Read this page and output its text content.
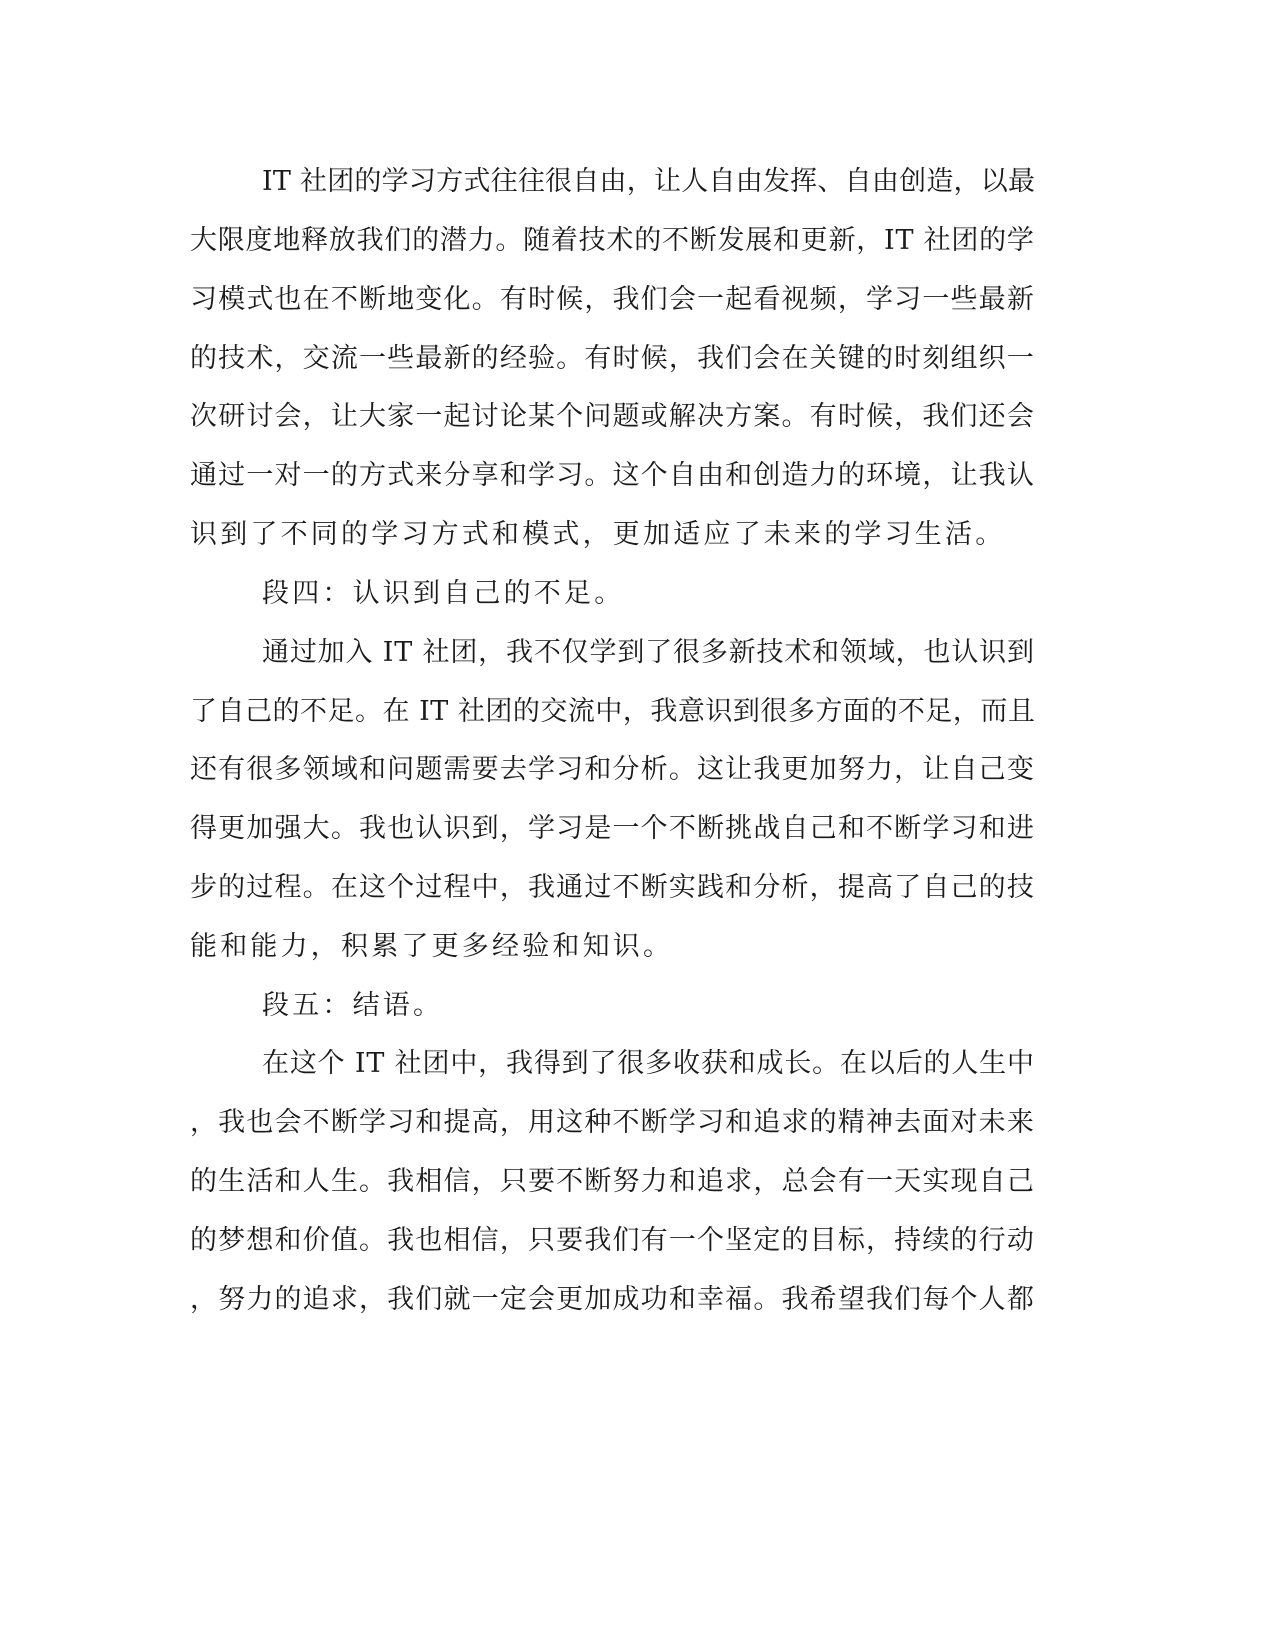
IT 社团的学习方式往往很自由，让人自由发挥、自由创造，以最

大限度地释放我们的潜力。随着技术的不断发展和更新，IT 社团的学

习模式也在不断地变化。有时候，我们会一起看视频，学习一些最新

的技术，交流一些最新的经验。有时候，我们会在关键的时刻组织一

次研讨会，让大家一起讨论某个问题或解决方案。有时候，我们还会

通过一对一的方式来分享和学习。这个自由和创造力的环境，让我认

识到了不同的学习方式和模式，更加适应了未来的学习生活。

段四：认识到自己的不足。

通过加入 IT 社团，我不仅学到了很多新技术和领域，也认识到

了自己的不足。在 IT 社团的交流中，我意识到很多方面的不足，而且

还有很多领域和问题需要去学习和分析。这让我更加努力，让自己变

得更加强大。我也认识到，学习是一个不断挑战自己和不断学习和进

步的过程。在这个过程中，我通过不断实践和分析，提高了自己的技

能和能力，积累了更多经验和知识。

段五：结语。

在这个 IT 社团中，我得到了很多收获和成长。在以后的人生中

，我也会不断学习和提高，用这种不断学习和追求的精神去面对未来

的生活和人生。我相信，只要不断努力和追求，总会有一天实现自己

的梦想和价值。我也相信，只要我们有一个坚定的目标，持续的行动

，努力的追求，我们就一定会更加成功和幸福。我希望我们每个人都
